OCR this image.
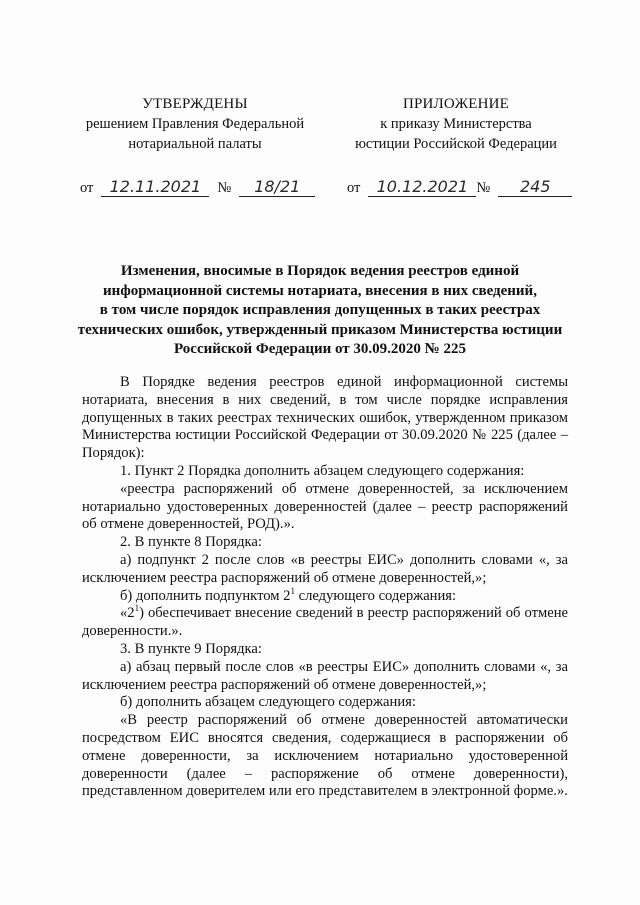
УТВЕРЖДЕНЫ
решением Правления Федеральной
нотариальной палаты
ПРИЛОЖЕНИЕ
к приказу Министерства
юстиции Российской Федерации
от	12.11.2021	№	18/21	от	10.12.2021 №	245
Изменения, вносимые в Порядок ведения реестров единой
информационной системы нотариата, внесения в них сведений,
в том числе порядок исправления допущенных в таких реестрах
технических ошибок, утвержденный приказом Министерства юстиции
Российской Федерации от 30.09.2020 № 225

В Порядке ведения реестров единой информационной системы нотариата, внесения в них сведений, в том числе порядке исправления допущенных в таких реестрах технических ошибок, утвержденном приказом Министерства юстиции Российской Федерации от 30.09.2020 № 225 (далее – Порядок):

1. Пункт 2 Порядка дополнить абзацем следующего содержания:

«реестра распоряжений об отмене доверенностей, за исключением нотариально удостоверенных доверенностей (далее – реестр распоряжений об отмене доверенностей, РОД).».

2. В пункте 8 Порядка:

а) подпункт 2 после слов «в реестры ЕИС» дополнить словами «, за исключением реестра распоряжений об отмене доверенностей,»;

б) дополнить подпунктом $2^1$ следующего содержания:

«$2^1$) обеспечивает внесение сведений в реестр распоряжений об отмене доверенности.».

3. В пункте 9 Порядка:

а) абзац первый после слов «в реестры ЕИС» дополнить словами «, за исключением реестра распоряжений об отмене доверенностей,»;

б) дополнить абзацем следующего содержания:

«В реестр распоряжений об отмене доверенностей автоматически посредством ЕИС вносятся сведения, содержащиеся в распоряжении об отмене доверенности, за исключением нотариально удостоверенной доверенности (далее – распоряжение об отмене доверенности), представленном доверителем или его представителем в электронной форме.».
